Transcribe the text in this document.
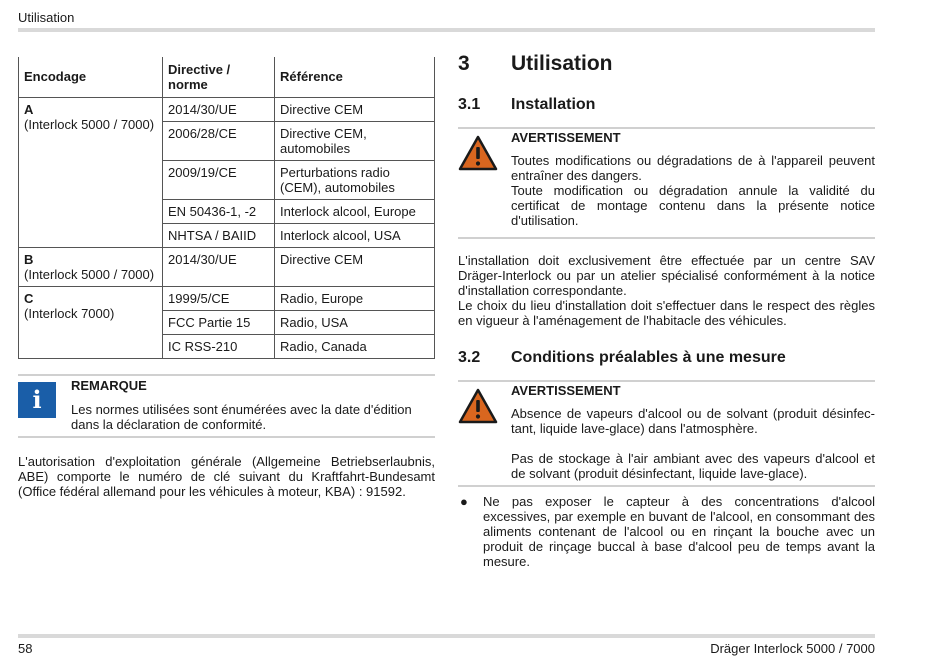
Utilisation
Encodage	Directive / norme	Référence

A
(Interlock 5000 / 7000)	2014/30/UE	Directive CEM
	2006/28/CE	Directive CEM, automobiles
	2009/19/CE	Perturbations radio (CEM), automobiles
	EN 50436-1, -2	Interlock alcool, Europe
	NHTSA / BAIID	Interlock alcool, USA

B
(Interlock 5000 / 7000)	2014/30/UE	Directive CEM

C
(Interlock 7000)	1999/5/CE	Radio, Europe
	FCC Partie 15	Radio, USA
	IC RSS-210	Radio, Canada
i	REMARQUE
Les normes utilisées sont énumérées avec la date d'édition dans la déclaration de conformité.
L'autorisation d'exploitation générale (Allgemeine Betriebserlaubnis, ABE) comporte le numéro de clé suivant du Kraftfahrt-Bundesamt (Office fédéral allemand pour les véhicules à moteur, KBA) : 91592.
3 Utilisation
3.1 Installation
AVERTISSEMENT
Toutes modifications ou dégradations de à l'appareil peuvent entraîner des dangers.
Toute modification ou dégradation annule la validité du certificat de montage contenu dans la présente notice d'utilisation.
L'installation doit exclusivement être effectuée par un centre SAV Dräger-Interlock ou par un atelier spécialisé conformément à la notice d'installation correspondante.
Le choix du lieu d'installation doit s'effectuer dans le respect des règles en vigueur à l'aménagement de l'habitacle des véhicules.
3.2 Conditions préalables à une mesure
AVERTISSEMENT
Absence de vapeurs d'alcool ou de solvant (produit désinfec-tant, liquide lave-glace) dans l'atmosphère.
Pas de stockage à l'air ambiant avec des vapeurs d'alcool et de solvant (produit désinfectant, liquide lave-glace).
● Ne pas exposer le capteur à des concentrations d'alcool excessives, par exemple en buvant de l'alcool, en consommant des aliments contenant de l'alcool ou en rinçant la bouche avec un produit de rinçage buccal à base d'alcool peu de temps avant la mesure.
58	Dräger Interlock 5000 / 7000
